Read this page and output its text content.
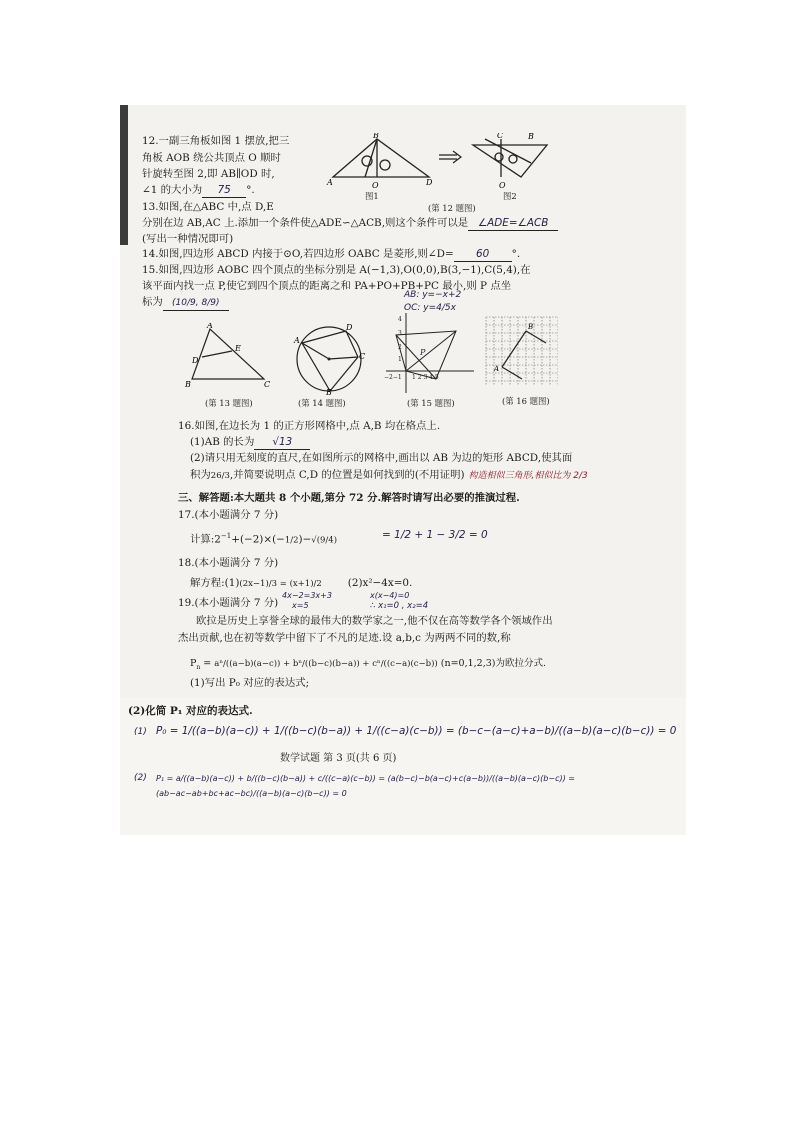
12.一副三角板如图 1 摆放,把三
角板 AOB 绕公共顶点 O 顺时
针旋转至图 2,即 AB∥OD 时,
∠1 的大小为 75 °.
A
B
O	D
C	B
O
图1	图2
(第 12 题图)
13.如图,在△ABC 中,点 D,E
分别在边 AB,AC 上.添加一个条件使△ADE∽△ACB,则这个条件可以是 ∠ADE=∠ACB
(写出一种情况即可)
14.如图,四边形 ABCD 内接于⊙O,若四边形 OABC 是菱形,则∠D= 60 °.
15.如图,四边形 AOBC 四个顶点的坐标分别是 A(−1,3),O(0,0),B(3,−1),C(5,4),在
该平面内找一点 P,使它到四个顶点的距离之和 PA+PO+PB+PC 最小,则 P 点坐
标为 (10/9, 8/9)
AB: y=−x+2
OC: y=4/5x
A
E
D
B	C
A
D
C
B
4
3
2
1
−2−1 1 2 3 4 5
P
A
B
(第 13 题图)	(第 14 题图)	(第 15 题图)	(第 16 题图)
16.如图,在边长为 1 的正方形网格中,点 A,B 均在格点上.
(1)AB 的长为 √13
(2)请只用无刻度的直尺,在如图所示的网格中,画出以 AB 为边的矩形 ABCD,使其面
积为26/3,并简要说明点 C,D 的位置是如何找到的(不用证明) 构造相似三角形,相似比为 2/3
三、解答题:本大题共 8 个小题,第分 72 分.解答时请写出必要的推演过程.
17.(本小题满分 7 分)
计算$:2^{-1}+(-2)\times(-1/2)-√(9/4)$	= 1/2 + 1 − 3/2 = 0
18.(本小题满分 7 分)
解方程:(1)(2x−1)/3 = (x+1)/2	(2)x²−4x=0.
4x−2=3x+3
x=5
x(x−4)=0
∴ x₁=0 , x₂=4
19.(本小题满分 7 分)
欧拉是历史上享誉全球的最伟大的数学家之一,他不仅在高等数学各个领域作出
杰出贡献,也在初等数学中留下了不凡的足迹.设 a,b,c 为两两不同的数,称
$P_n = a^n/((a-b)(a-c)) + b^n/((b-c)(b-a)) + c^n/((c-a)(c-b))$ (n=0,1,2,3)为欧拉分式.
(1)写出 P₀ 对应的表达式;
(2)化简 P₁ 对应的表达式.
(1) P₀ = 1/((a−b)(a−c)) + 1/((b−c)(b−a)) + 1/((c−a)(c−b)) = (b−c−(a−c)+a−b)/((a−b)(a−c)(b−c)) = 0
数学试题 第 3 页(共 6 页)
(2) P₁ = a/((a−b)(a−c)) + b/((b−c)(b−a)) + c/((c−a)(c−b)) = (a(b−c)−b(a−c)+c(a−b))/((a−b)(a−c)(b−c)) = (ab−ac−ab+bc+ac−bc)/((a−b)(a−c)(b−c)) = 0
